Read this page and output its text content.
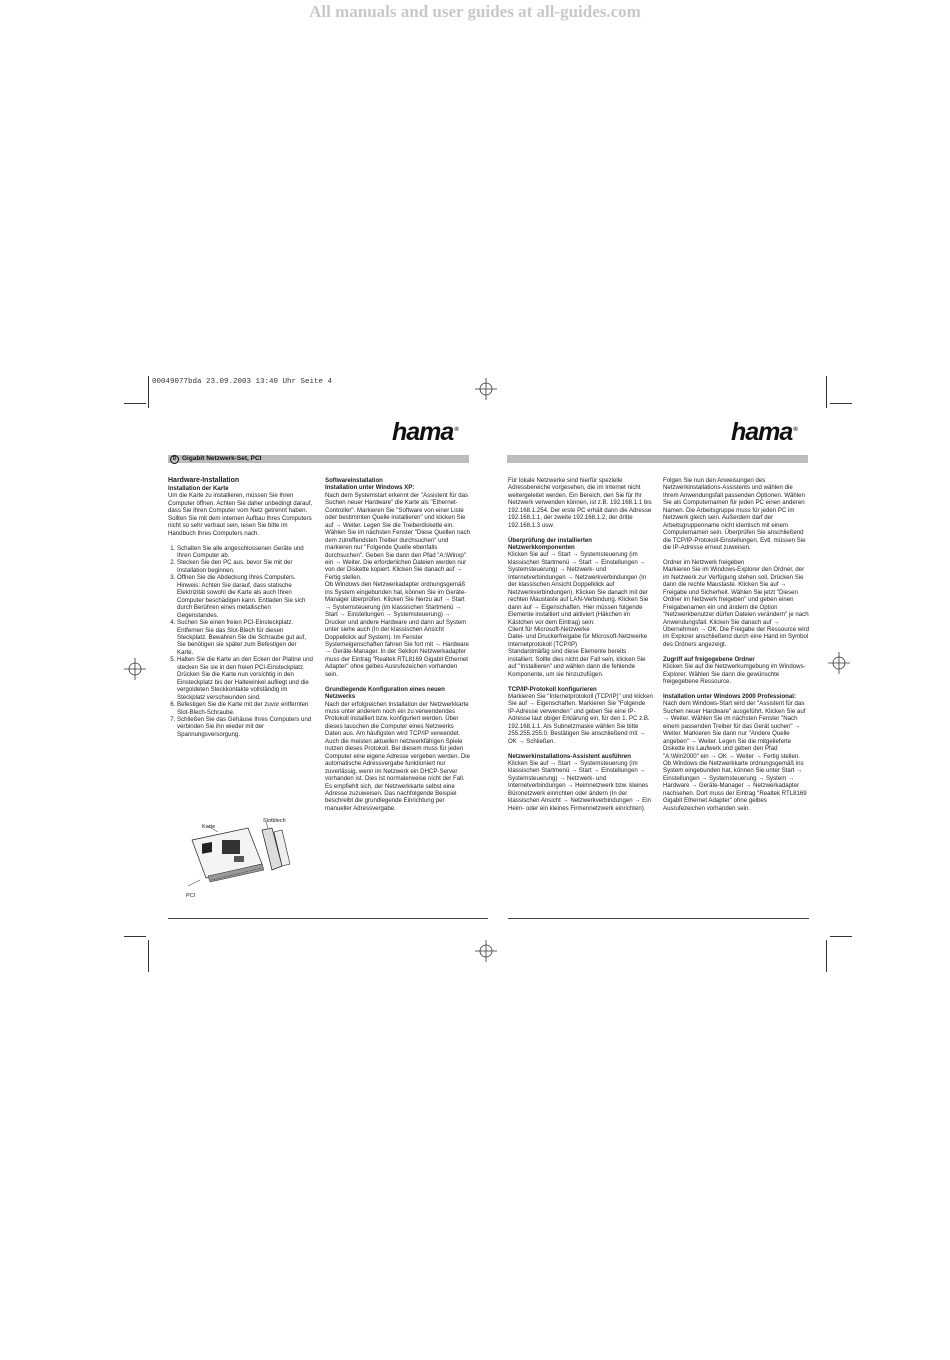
All manuals and user guides at all-guides.com
00049077bda 23.09.2003 13:40 Uhr Seite 4
hama®	hama®
D Gigabit Netzwerk-Set, PCI
Hardware-Installation
Installation der Karte

Um die Karte zu installieren, müssen Sie Ihren Computer öffnen. Achten Sie daher unbedingt darauf, dass Sie Ihren Computer vom Netz getrennt haben. Sollten Sie mit dem internen Aufbau Ihres Computers nicht so sehr vertraut sein, lesen Sie bitte im Handbuch Ihres Computers nach.

1. Schalten Sie alle angeschlossenen Geräte und Ihren Computer ab.
2. Stecken Sie den PC aus, bevor Sie mit der Installation beginnen.
3. Öffnen Sie die Abdeckung Ihres Computers. Hinweis: Achten Sie darauf, dass statische Elektrizität sowohl die Karte als auch Ihren Computer beschädigen kann. Entladen Sie sich durch Berühren eines metallischen Gegenstandes.
4. Suchen Sie einen freien PCI-Einsteckplatz. Entfernen Sie das Slot-Blech für diesen Steckplatz. Bewahren Sie die Schraube gut auf, Sie benötigen sie später zum Befestigen der Karte.
5. Halten Sie die Karte an den Ecken der Platine und stecken Sie sie in den freien PCI-Einsteckplatz. Drücken Sie die Karte nun vorsichtig in den Einsteckplatz bis der Haltewinkel aufliegt und die vergoldeten Steckkontakte vollständig im Steckplatz verschwunden sind.
6. Befestigen Sie die Karte mit der zuvor entfernten Slot-Blech-Schraube.
7. Schließen Sie das Gehäuse Ihres Computers und verbinden Sie ihn wieder mit der Spannungsversorgung.
Karte
Slotblech
PCI
Softwareinstallation
Installation unter Windows XP:
Nach dem Systemstart erkennt der "Assistent für das Suchen neuer Hardware" die Karte als "Ethernet-Controller". Markieren Sie "Software von einer Liste oder bestimmten Quelle installieren" und klicken Sie auf → Weiter. Legen Sie die Treiberdiskette ein. Wählen Sie im nächsten Fenster "Diese Quellen nach dem zutreffendsten Treiber durchsuchen" und markieren nur "Folgende Quelle ebenfalls durchsuchen". Geben Sie dann den Pfad "A:\Winxp" ein → Weiter. Die erforderlichen Dateien werden nur von der Diskette kopiert. Klicken Sie danach auf → Fertig stellen.

Ob Windows den Netzwerkadapter ordnungsgemäß ins System eingebunden hat, können Sie im Geräte-Manager überprüfen. Klicken Sie hierzu auf → Start → Systemsteuerung (im klassischen Startmenü → Start → Einstellungen → Systemsteuerung) → Drucker und andere Hardware und dann auf System unter siehe auch (In der klassischen Ansicht Doppelklick auf System). Im Fenster Systemeigenschaften fahren Sie fort mit → Hardware → Geräte-Manager. In der Sektion Netzwerkadapter muss der Eintrag "Realtek RTL8169 Gigabit Ethernet Adapter" ohne gelbes Ausrufezeichen vorhanden sein.

Grundlegende Konfiguration eines neuen Netzwerks

Nach der erfolgreichen Installation der Netzwerkkarte muss unter anderem noch ein zu verwendendes Protokoll installiert bzw. konfiguriert werden. Über dieses tauschen die Computer eines Netzwerks Daten aus. Am häufigsten wird TCP/IP verwendet. Auch die meisten aktuellen netzwerkfähigen Spiele nutzen dieses Protokoll. Bei diesem muss für jeden Computer eine eigene Adresse vergeben werden. Die automatische Adressvergabe funktioniert nur zuverlässig, wenn im Netzwerk ein DHCP-Server vorhanden ist. Dies ist normalerweise nicht der Fall. Es empfiehlt sich, der Netzwerkkarte selbst eine Adresse zuzuweisen. Das nachfolgende Beispiel beschreibt die grundlegende Einrichtung per manueller Adressvergabe.

Für lokale Netzwerke sind hierfür spezielle Adressbereiche vorgesehen, die im Internet nicht weitergeleitet werden. Ein Bereich, den Sie für Ihr Netzwerk verwenden können, ist z.B. 192.168.1.1 bis 192.168.1.254. Der erste PC erhält dann die Adresse 192.168.1.1, der zweite 192.168.1.2, der dritte 192.168.1.3 usw.

Überprüfung der installierten Netzwerkkomponenten
Klicken Sie auf → Start → Systemsteuerung (im klassischen Startmenü → Start → Einstellungen → Systemsteuerung) → Netzwerk- und Internetverbindungen → Netzwerkverbindungen (In der klassischen Ansicht Doppelklick auf Netzwerkverbindungen). Klicken Sie danach mit der rechten Maustaste auf LAN-Verbindung. Klicken Sie dann auf → Eigenschaften. Hier müssen folgende Elemente installiert und aktiviert (Häkchen im Kästchen vor dem Eintrag) sein:
Client für Microsoft-Netzwerke
Datei- und Druckerfreigabe für Microsoft-Netzwerke
Internetprotokoll (TCP/IP)

Standardmäßig sind diese Elemente bereits installiert. Sollte dies nicht der Fall sein, klicken Sie auf "Installieren" und wählen dann die fehlende Komponente, um sie hinzuzufügen.

TCP/IP-Protokoll konfigurieren

Markieren Sie "Internetprotokoll (TCP/IP)" und klicken Sie auf → Eigenschaften. Markieren Sie "Folgende IP-Adresse verwenden" und geben Sie eine IP-Adresse laut obiger Erklärung ein, für den 1. PC z.B. 192.168.1.1. Als Subnetzmaske wählen Sie bitte 255.255.255.0. Bestätigen Sie anschließend mit → OK → Schließen.

Netzwerkinstallations-Assistent ausführen

Klicken Sie auf → Start → Systemsteuerung (im klassischen Startmenü → Start → Einstellungen → Systemsteuerung) → Netzwerk- und Internetverbindungen → Heimnetzwerk bzw. kleines Büronetzwerk einrichten oder ändern (In der klassischen Ansicht → Netzwerkverbindungen → Ein Heim- oder ein kleines Firmennetzwerk einrichten).

Folgen Sie nun den Anweisungen des Netzwerkinstallations-Assistents und wählen die Ihrem Anwendungsfall passenden Optionen. Wählen Sie als Computernamen für jeden PC einen anderen Namen. Die Arbeitsgruppe muss für jeden PC im Netzwerk gleich sein. Außerdem darf der Arbeitsgruppenname nicht identisch mit einem Computernamen sein. Überprüfen Sie anschließend die TCP/IP-Protokoll-Einstellungen. Evtl. müssen Sie die IP-Adresse erneut zuweisen.

Ordner im Netzwerk freigeben

Markieren Sie im Windows-Explorer den Ordner, der im Netzwerk zur Verfügung stehen soll. Drücken Sie dann die rechte Maustaste. Klicken Sie auf → Freigabe und Sicherheit. Wählen Sie jetzt "Diesen Ordner im Netzwerk freigeben" und geben einen Freigabenamen ein und ändern die Option "Netzwerkbenutzer dürfen Dateien verändern" je nach Anwendungsfall. Klicken Sie danach auf → Übernehmen → OK. Die Freigabe der Ressource wird im Explorer anschließend durch eine Hand im Symbol des Ordners angezeigt.

Zugriff auf freigegebene Ordner

Klicken Sie auf die Netzwerkumgebung im Windows-Explorer. Wählen Sie dann die gewünschte freigegebene Ressource.

Installation unter Windows 2000 Professional:
Nach dem Windows-Start wird der "Assistent für das Suchen neuer Hardware" ausgeführt. Klicken Sie auf → Weiter. Wählen Sie im nächsten Fenster "Nach einem passenden Treiber für das Gerät suchen" → Weiter. Markieren Sie dann nur "Andere Quelle angeben" → Weiter. Legen Sie die mitgelieferte Diskette ins Laufwerk und geben den Pfad "A:\Win2000" ein → OK → Weiter → Fertig stellen.
Ob Windows die Netzwerkkarte ordnungsgemäß ins System eingebunden hat, können Sie unter Start → Einstellungen → Systemsteuerung → System → Hardware → Geräte-Manager → Netzwerkadapter nachsehen. Dort muss der Eintrag "Realtek RTL8169 Gigabit Ethernet Adapter" ohne gelbes Ausrufezeichen vorhanden sein.
